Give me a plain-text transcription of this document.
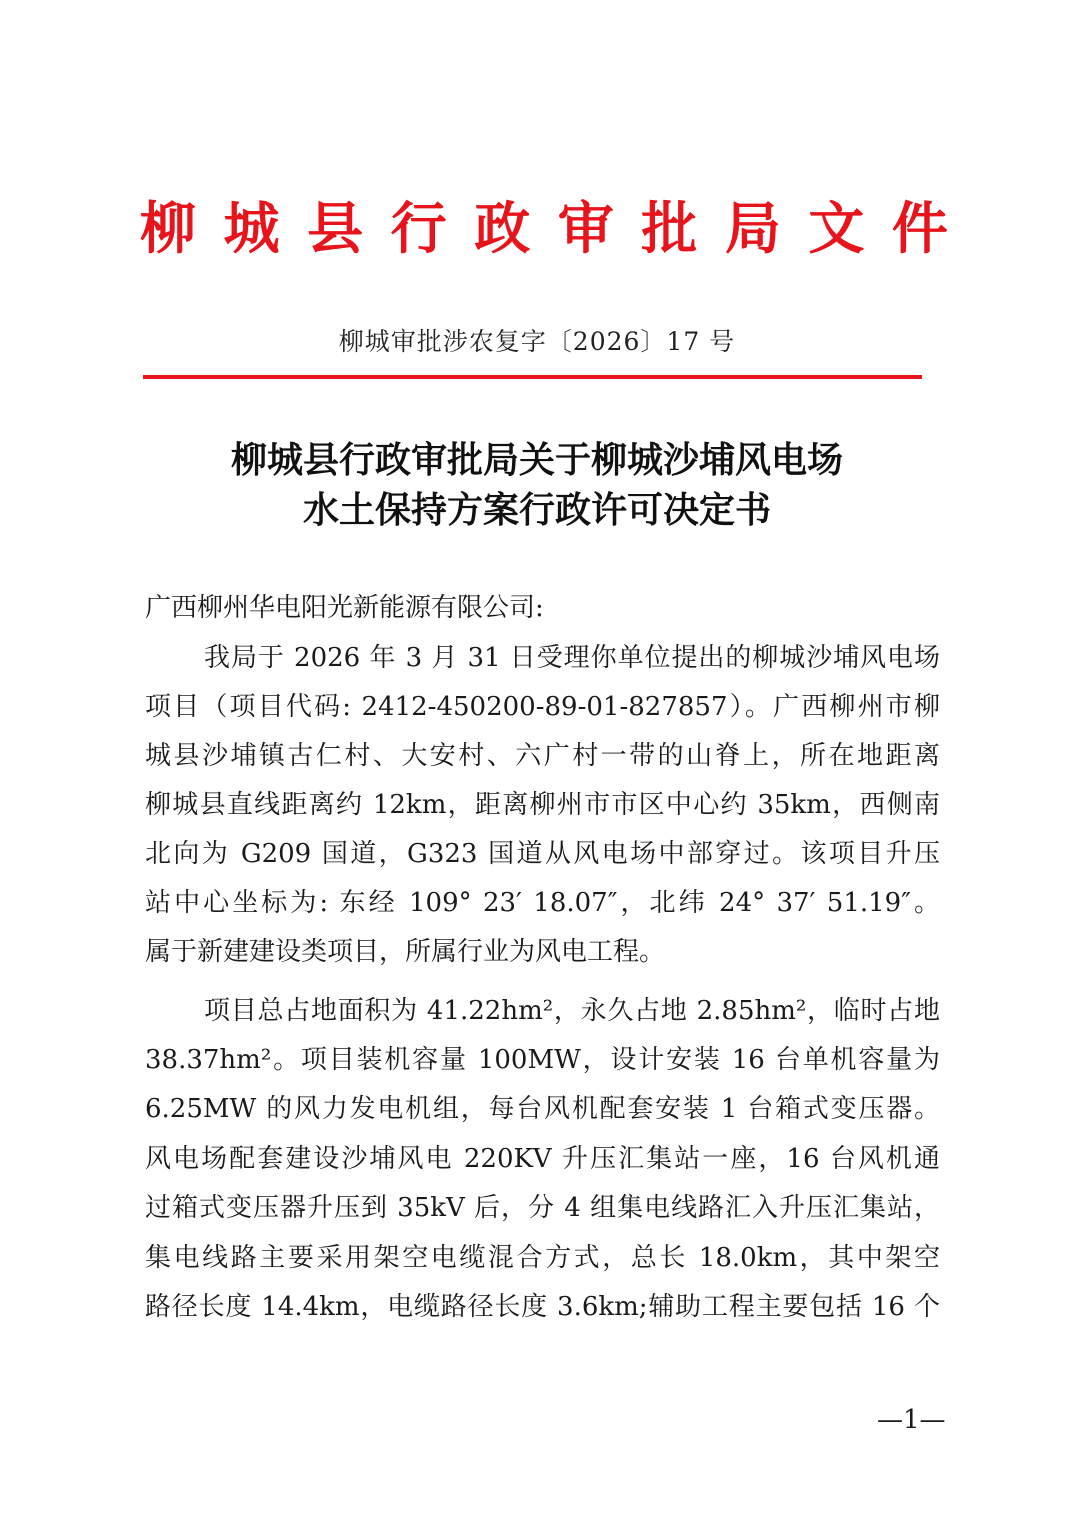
柳 城 县 行 政 审 批 局 文 件
柳城审批涉农复字〔2026〕17 号
柳城县行政审批局关于柳城沙埔风电场
水土保持方案行政许可决定书
广西柳州华电阳光新能源有限公司:
我局于 2026 年 3 月 31 日受理你单位提出的柳城沙埔风电场
项目（项目代码: 2412-450200-89-01-827857）。广西柳州市柳
城县沙埔镇古仁村、大安村、六广村一带的山脊上，所在地距离
柳城县直线距离约 12km，距离柳州市市区中心约 35km，西侧南
北向为 G209 国道，G323 国道从风电场中部穿过。该项目升压
站中心坐标为: 东经 109° 23′ 18.07″，北纬 24° 37′ 51.19″。
属于新建建设类项目，所属行业为风电工程。
项目总占地面积为 41.22hm²，永久占地 2.85hm²，临时占地
38.37hm²。项目装机容量 100MW，设计安装 16 台单机容量为
6.25MW 的风力发电机组，每台风机配套安装 1 台箱式变压器。
风电场配套建设沙埔风电 220KV 升压汇集站一座，16 台风机通
过箱式变压器升压到 35kV 后，分 4 组集电线路汇入升压汇集站，
集电线路主要采用架空电缆混合方式，总长 18.0km，其中架空
路径长度 14.4km，电缆路径长度 3.6km;辅助工程主要包括 16 个
—1—
